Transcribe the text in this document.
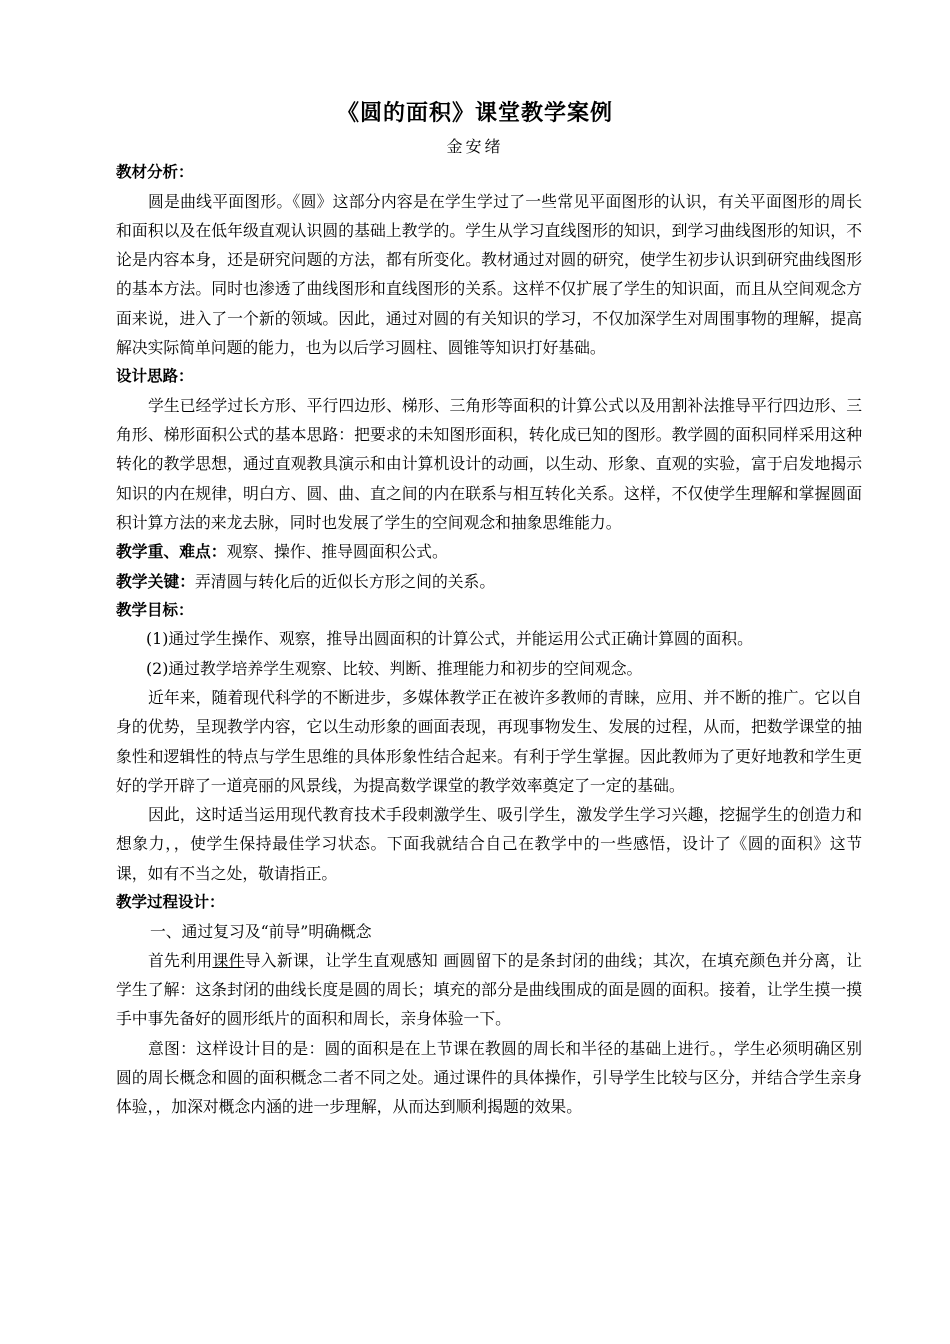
《圆的面积》课堂教学案例
金安绪
教材分析：

圆是曲线平面图形。《圆》这部分内容是在学生学过了一些常见平面图形的认识，有关平面图形的周长和面积以及在低年级直观认识圆的基础上教学的。学生从学习直线图形的知识，到学习曲线图形的知识，不论是内容本身，还是研究问题的方法，都有所变化。教材通过对圆的研究，使学生初步认识到研究曲线图形的基本方法。同时也渗透了曲线图形和直线图形的关系。这样不仅扩展了学生的知识面，而且从空间观念方面来说，进入了一个新的领域。因此，通过对圆的有关知识的学习，不仅加深学生对周围事物的理解，提高解决实际简单问题的能力，也为以后学习圆柱、圆锥等知识打好基础。

设计思路：

学生已经学过长方形、平行四边形、梯形、三角形等面积的计算公式以及用割补法推导平行四边形、三角形、梯形面积公式的基本思路：把要求的未知图形面积，转化成已知的图形。教学圆的面积同样采用这种转化的教学思想，通过直观教具演示和由计算机设计的动画，以生动、形象、直观的实验，富于启发地揭示知识的内在规律，明白方、圆、曲、直之间的内在联系与相互转化关系。这样，不仅使学生理解和掌握圆面积计算方法的来龙去脉，同时也发展了学生的空间观念和抽象思维能力。

教学重、难点：观察、操作、推导圆面积公式。
教学关键：弄清圆与转化后的近似长方形之间的关系。
教学目标：
(1)通过学生操作、观察，推导出圆面积的计算公式，并能运用公式正确计算圆的面积。
(2)通过教学培养学生观察、比较、判断、推理能力和初步的空间观念。

近年来，随着现代科学的不断进步，多媒体教学正在被许多教师的青睐，应用、并不断的推广。它以自身的优势，呈现教学内容，它以生动形象的画面表现，再现事物发生、发展的过程，从而，把数学课堂的抽象性和逻辑性的特点与学生思维的具体形象性结合起来。有利于学生掌握。因此教师为了更好地教和学生更好的学开辟了一道亮丽的风景线，为提高数学课堂的教学效率奠定了一定的基础。

因此，这时适当运用现代教育技术手段刺激学生、吸引学生，激发学生学习兴趣，挖掘学生的创造力和想象力，，使学生保持最佳学习状态。下面我就结合自己在教学中的一些感悟，设计了《圆的面积》这节课，如有不当之处，敬请指正。

教学过程设计：
一、通过复习及“前导”明确概念

首先利用课件导入新课，让学生直观感知 画圆留下的是条封闭的曲线；其次，在填充颜色并分离，让学生了解：这条封闭的曲线长度是圆的周长；填充的部分是曲线围成的面是圆的面积。接着，让学生摸一摸手中事先备好的圆形纸片的面积和周长，亲身体验一下。

意图：这样设计目的是：圆的面积是在上节课在教圆的周长和半径的基础上进行。，学生必须明确区别圆的周长概念和圆的面积概念二者不同之处。通过课件的具体操作，引导学生比较与区分，并结合学生亲身体验，，加深对概念内涵的进一步理解，从而达到顺利揭题的效果。
